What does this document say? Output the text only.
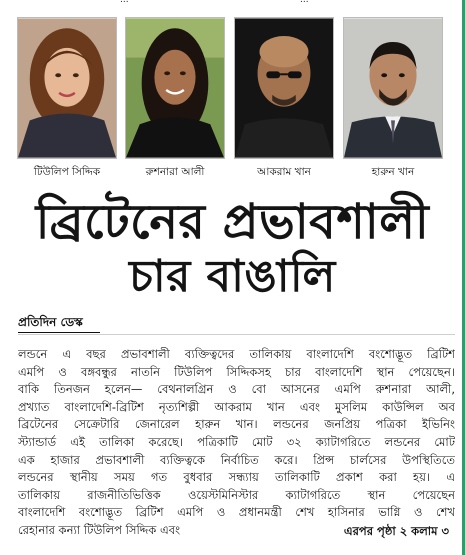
...	...
টিউলিপ সিদ্দিক	রুশনারা আলী	আকরাম খান	হারুন খান
ব্রিটেনের প্রভাবশালী
চার বাঙালি
প্রতিদিন ডেস্ক
লন্ডনে এ বছর প্রভাবশালী ব্যক্তিত্বদের তালিকায় বাংলাদেশি বংশোদ্ভূত ব্রিটিশ
এমপি ও বঙ্গবন্ধুর নাতনি টিউলিপ সিদ্দিকসহ চার বাংলাদেশি স্থান পেয়েছেন।
বাকি তিনজন হলেন— বেথনালগ্রিন ও বো আসনের এমপি রুশনারা আলী,
প্রখ্যাত বাংলাদেশি-ব্রিটিশ নৃত্যশিল্পী আকরাম খান এবং মুসলিম কাউন্সিল অব
ব্রিটেনের সেক্রেটারি জেনারেল হারুন খান। লন্ডনের জনপ্রিয় পত্রিকা ইভিনিং
স্ট্যান্ডার্ড এই তালিকা করেছে। পত্রিকাটি মোট ৩২ ক্যাটাগরিতে লন্ডনের মোট
এক হাজার প্রভাবশালী ব্যক্তিত্বকে নির্বাচিত করে। প্রিন্স চার্লসের উপস্থিতিতে
লন্ডনের স্থানীয় সময় গত বুধবার সন্ধ্যায় তালিকাটি প্রকাশ করা হয়। এ
তালিকায় রাজনীতিভিত্তিক ওয়েস্টমিনিস্টার ক্যাটাগরিতে স্থান পেয়েছেন
বাংলাদেশি বংশোদ্ভূত ব্রিটিশ এমপি ও প্রধানমন্ত্রী শেখ হাসিনার ভাগ্নি ও শেখ
রেহানার কন্যা টিউলিপ সিদ্দিক এবং	এরপর পৃষ্ঠা ২ কলাম ৩
